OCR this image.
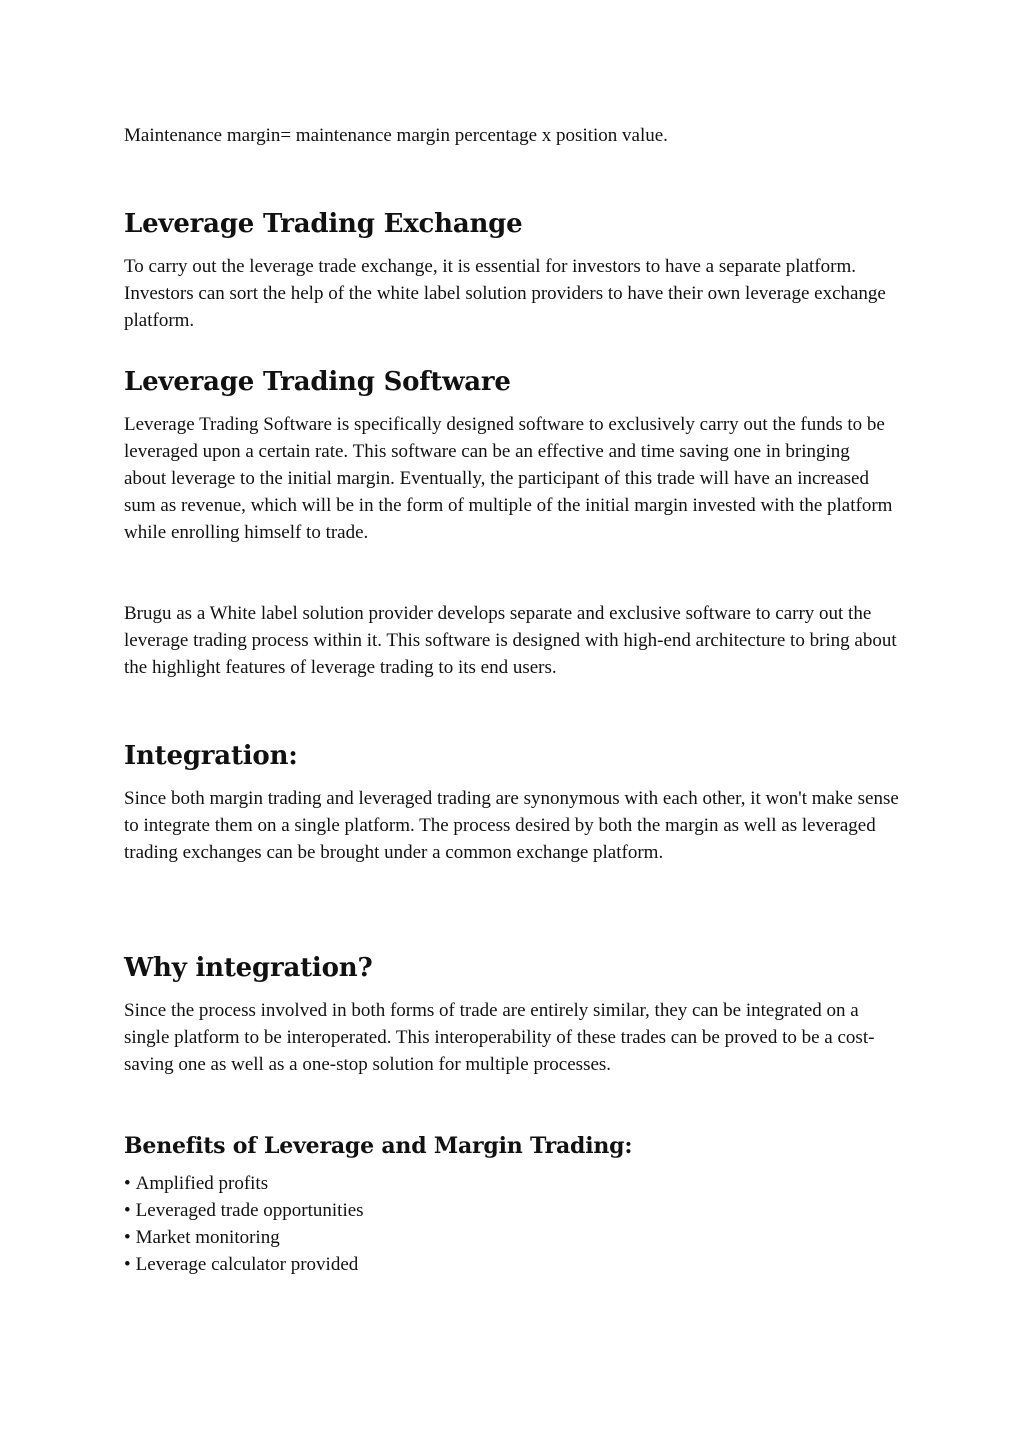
Maintenance margin= maintenance margin percentage x position value.

Leverage Trading Exchange

To carry out the leverage trade exchange, it is essential for investors to have a separate platform. Investors can sort the help of the white label solution providers to have their own leverage exchange platform.

Leverage Trading Software

Leverage Trading Software is specifically designed software to exclusively carry out the funds to be leveraged upon a certain rate. This software can be an effective and time saving one in bringing about leverage to the initial margin. Eventually, the participant of this trade will have an increased sum as revenue, which will be in the form of multiple of the initial margin invested with the platform while enrolling himself to trade.

Brugu as a White label solution provider develops separate and exclusive software to carry out the leverage trading process within it. This software is designed with high-end architecture to bring about the highlight features of leverage trading to its end users.

Integration:

Since both margin trading and leveraged trading are synonymous with each other, it won't make sense to integrate them on a single platform. The process desired by both the margin as well as leveraged trading exchanges can be brought under a common exchange platform.

Why integration?

Since the process involved in both forms of trade are entirely similar, they can be integrated on a single platform to be interoperated. This interoperability of these trades can be proved to be a cost-saving one as well as a one-stop solution for multiple processes.

Benefits of Leverage and Margin Trading:
• Amplified profits
• Leveraged trade opportunities
• Market monitoring
• Leverage calculator provided
